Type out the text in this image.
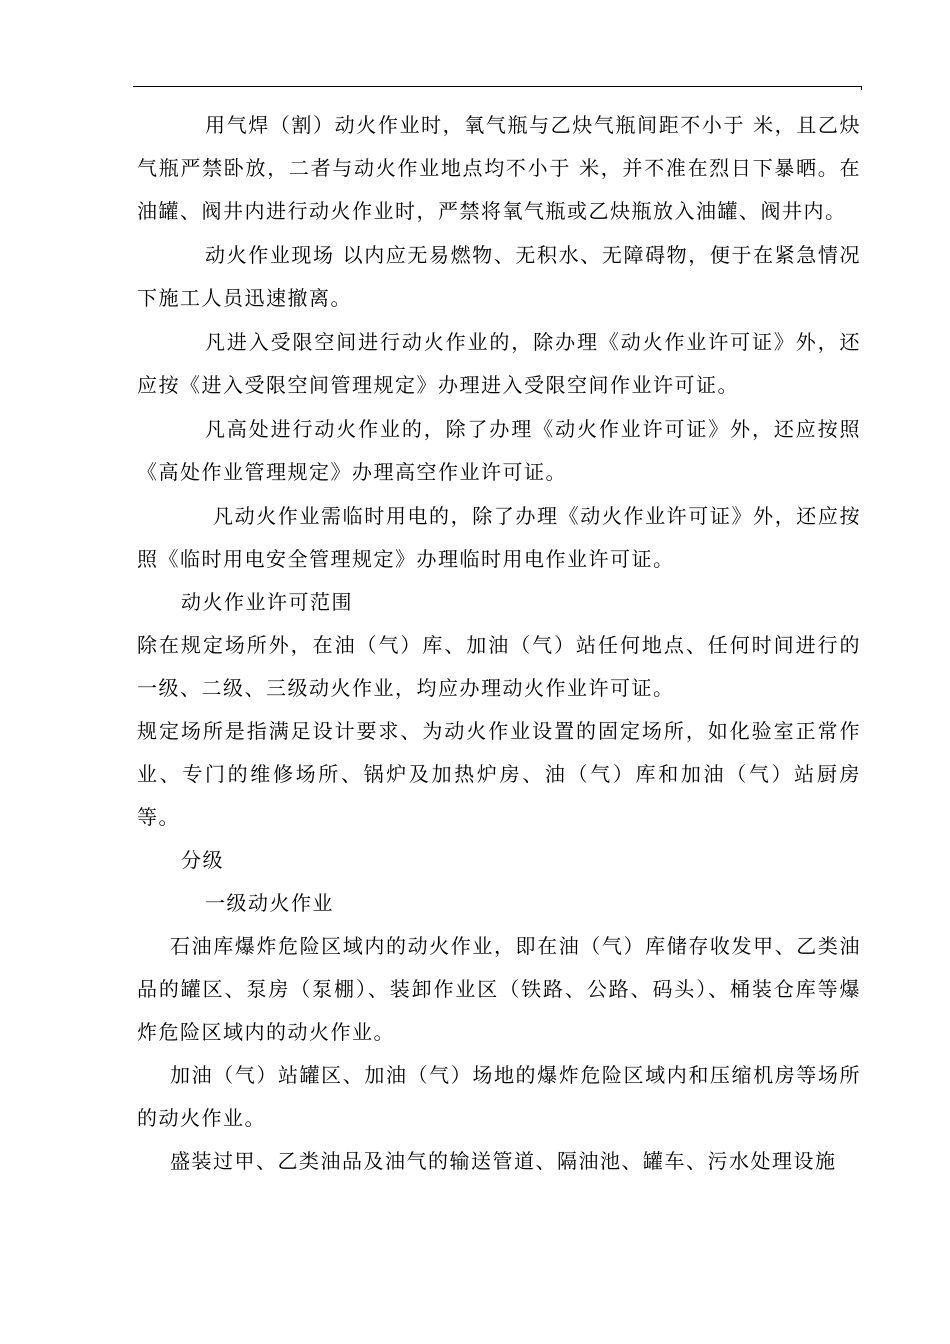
用气焊（割）动火作业时，氧气瓶与乙炔气瓶间距不小于 米，且乙炔气瓶严禁卧放，二者与动火作业地点均不小于 米，并不准在烈日下暴晒。在油罐、阀井内进行动火作业时，严禁将氧气瓶或乙炔瓶放入油罐、阀井内。

动火作业现场 以内应无易燃物、无积水、无障碍物，便于在紧急情况下施工人员迅速撤离。

凡进入受限空间进行动火作业的，除办理《动火作业许可证》外，还应按《进入受限空间管理规定》办理进入受限空间作业许可证。

凡高处进行动火作业的，除了办理《动火作业许可证》外，还应按照《高处作业管理规定》办理高空作业许可证。

凡动火作业需临时用电的，除了办理《动火作业许可证》外，还应按照《临时用电安全管理规定》办理临时用电作业许可证。

动火作业许可范围

除在规定场所外，在油（气）库、加油（气）站任何地点、任何时间进行的一级、二级、三级动火作业，均应办理动火作业许可证。

规定场所是指满足设计要求、为动火作业设置的固定场所，如化验室正常作业、专门的维修场所、锅炉及加热炉房、油（气）库和加油（气）站厨房等。

分级

一级动火作业

石油库爆炸危险区域内的动火作业，即在油（气）库储存收发甲、乙类油品的罐区、泵房（泵棚）、装卸作业区（铁路、公路、码头）、桶装仓库等爆炸危险区域内的动火作业。

加油（气）站罐区、加油（气）场地的爆炸危险区域内和压缩机房等场所的动火作业。

盛装过甲、乙类油品及油气的输送管道、隔油池、罐车、污水处理设施
